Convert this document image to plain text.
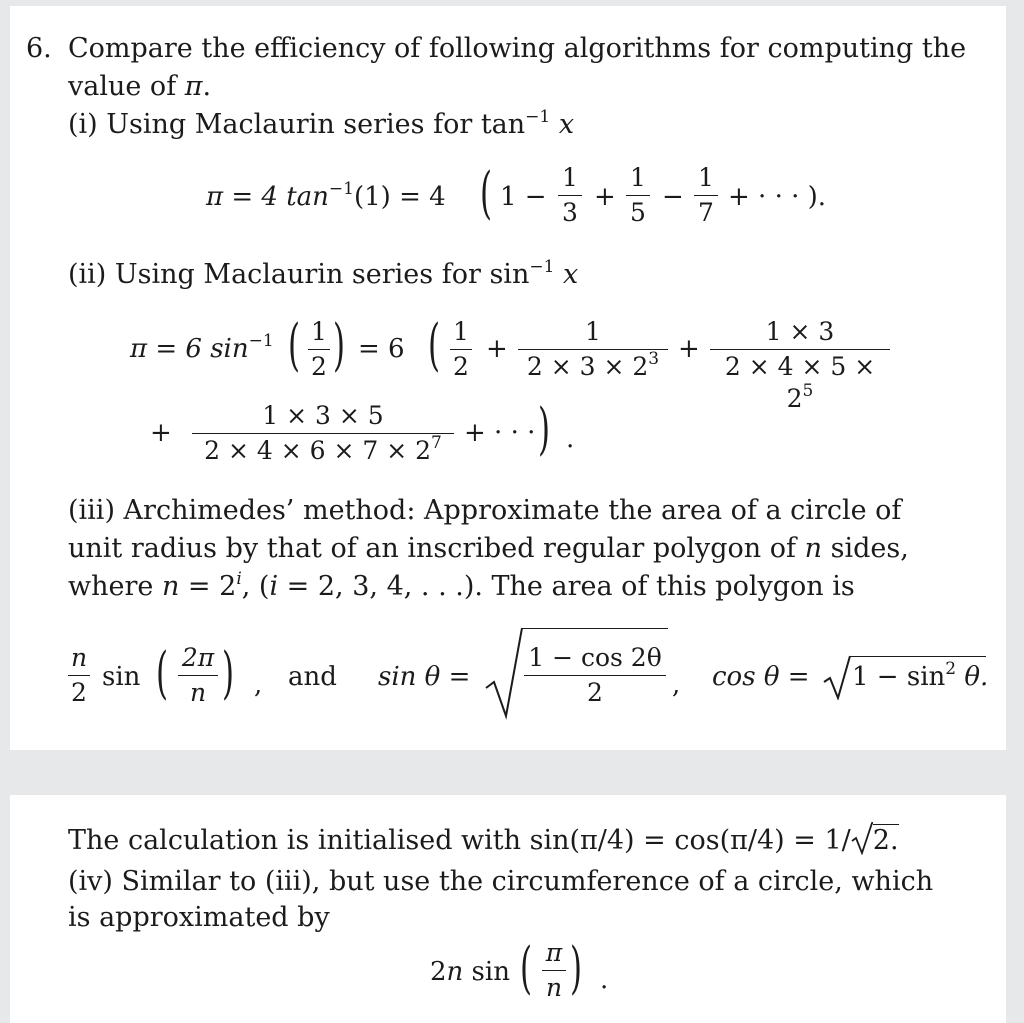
6. Compare the efficiency of following algorithms for computing the
value of π.
(i) Using Maclaurin series for $\tan^{-1} x$
π = 4 $\tan^{-1}(1) = 4$ ( 1 −
1
3
+
1
5
−
1
7
+ · · · ).
(ii) Using Maclaurin series for $\sin^{-1} x$
π = 6 $\sin^{-1}$ ( 1
2 ) = 6 ( 1
2
+
1
$2 \times 3 \times 2^3$ +
1 × 3
$2 \times 4 \times 5 \times 2^5$
+
1 × 3 × 5
$2 \times 4 \times 6 \times 7 \times 2^7$ + · · · ) .
(iii) Archimedes’ method: Approximate the area of a circle of
unit radius by that of an inscribed regular polygon of n sides,
where $n = 2^i$, (i = 2, 3, 4, . . .). The area of this polygon is
n
2
sin ( 2π
n ) , and sin θ =
1 − cos 2θ
2	, $\cos \theta = 1 - \sin^2 \theta$.
The calculation is initialised with sin(π/4) = cos(π/4) = 1/ 2.
(iv) Similar to (iii), but use the circumference of a circle, which
is approximated by
2n sin ( π
n ) .
